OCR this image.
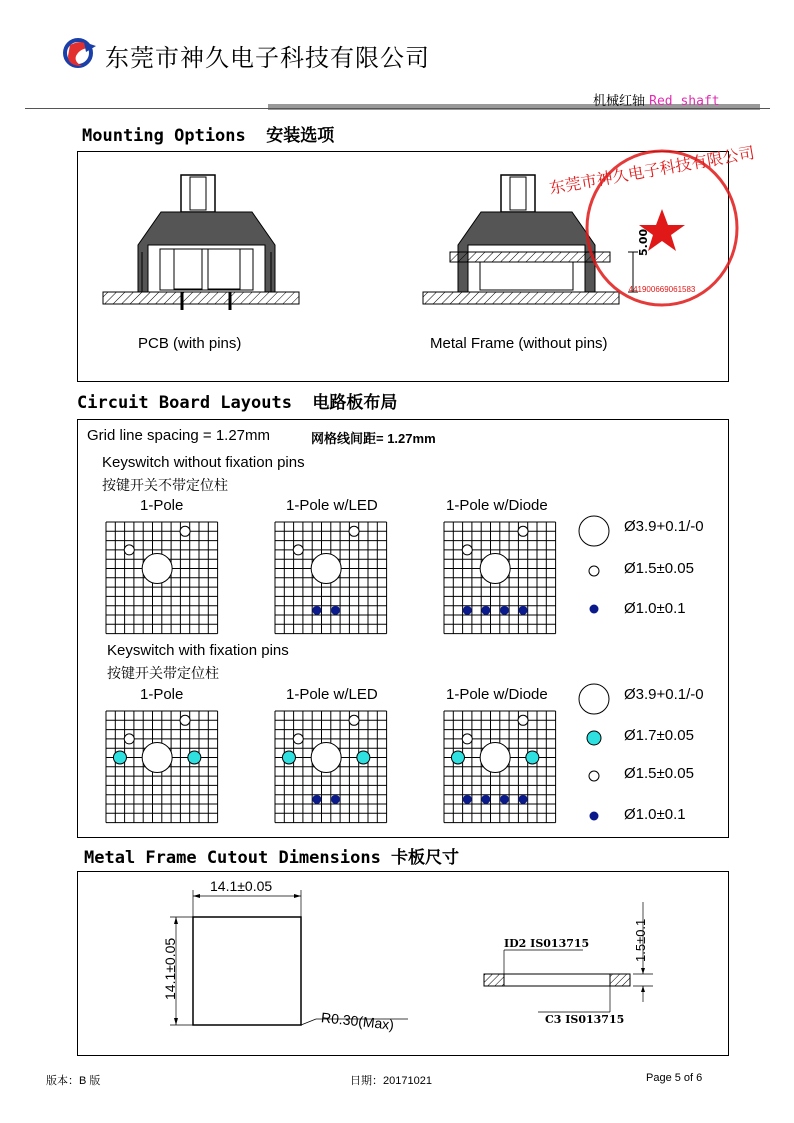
东莞市神久电子科技有限公司
机械红轴 Red shaft
Mounting Options  安装选项
5.00
PCB (with pins)	Metal Frame (without pins)
东莞市神久电子科技有限公司
441900669061583
Circuit Board Layouts  电路板布局
Grid line spacing = 1.27mm	网格线间距= 1.27mm
Keyswitch without fixation pins
按键开关不带定位柱
Keyswitch with fixation pins
按键开关带定位柱
1-Pole	1-Pole w/LED	1-Pole w/Diode
1-Pole	1-Pole w/LED	1-Pole w/Diode
Ø3.9+0.1/-0
Ø1.5±0.05
Ø1.0±0.1
Ø3.9+0.1/-0
Ø1.7±0.05
Ø1.5±0.05
Ø1.0±0.1
Metal Frame Cutout Dimensions 卡板尺寸
14.1±0.05
14.1±0.05
R0.30(Max)
ID2 IS013715
C3 IS013715
1.5±0.1
版本：B 版	日期：20171021	Page 5 of 6
